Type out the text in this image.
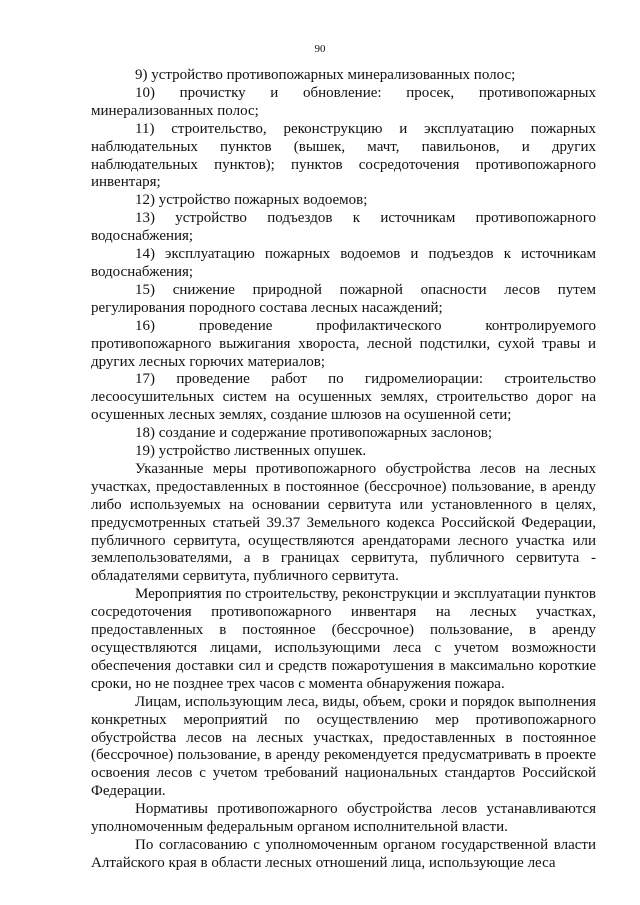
90

9) устройство противопожарных минерализованных полос;

10) прочистку и обновление: просек, противопожарных минерализованных полос;

11) строительство, реконструкцию и эксплуатацию пожарных наблюдательных пунктов (вышек, мачт, павильонов, и других наблюдательных пунктов); пунктов сосредоточения противопожарного инвентаря;

12) устройство пожарных водоемов;

13) устройство подъездов к источникам противопожарного водоснабжения;

14) эксплуатацию пожарных водоемов и подъездов к источникам водоснабжения;

15) снижение природной пожарной опасности лесов путем регулирования породного состава лесных насаждений;

16) проведение профилактического контролируемого противопожарного выжигания хвороста, лесной подстилки, сухой травы и других лесных горючих материалов;

17) проведение работ по гидромелиорации: строительство лесоосушительных систем на осушенных землях, строительство дорог на осушенных лесных землях, создание шлюзов на осушенной сети;

18) создание и содержание противопожарных заслонов;

19) устройство лиственных опушек.

Указанные меры противопожарного обустройства лесов на лесных участках, предоставленных в постоянное (бессрочное) пользование, в аренду либо используемых на основании сервитута или установленного в целях, предусмотренных статьей 39.37 Земельного кодекса Российской Федерации, публичного сервитута, осуществляются арендаторами лесного участка или землепользователями, а в границах сервитута, публичного сервитута - обладателями сервитута, публичного сервитута.

Мероприятия по строительству, реконструкции и эксплуатации пунктов сосредоточения противопожарного инвентаря на лесных участках, предоставленных в постоянное (бессрочное) пользование, в аренду осуществляются лицами, использующими леса с учетом возможности обеспечения доставки сил и средств пожаротушения в максимально короткие сроки, но не позднее трех часов с момента обнаружения пожара.

Лицам, использующим леса, виды, объем, сроки и порядок выполнения конкретных мероприятий по осуществлению мер противопожарного обустройства лесов на лесных участках, предоставленных в постоянное (бессрочное) пользование, в аренду рекомендуется предусматривать в проекте освоения лесов с учетом требований национальных стандартов Российской Федерации.

Нормативы противопожарного обустройства лесов устанавливаются уполномоченным федеральным органом исполнительной власти.

По согласованию с уполномоченным органом государственной власти Алтайского края в области лесных отношений лица, использующие леса
